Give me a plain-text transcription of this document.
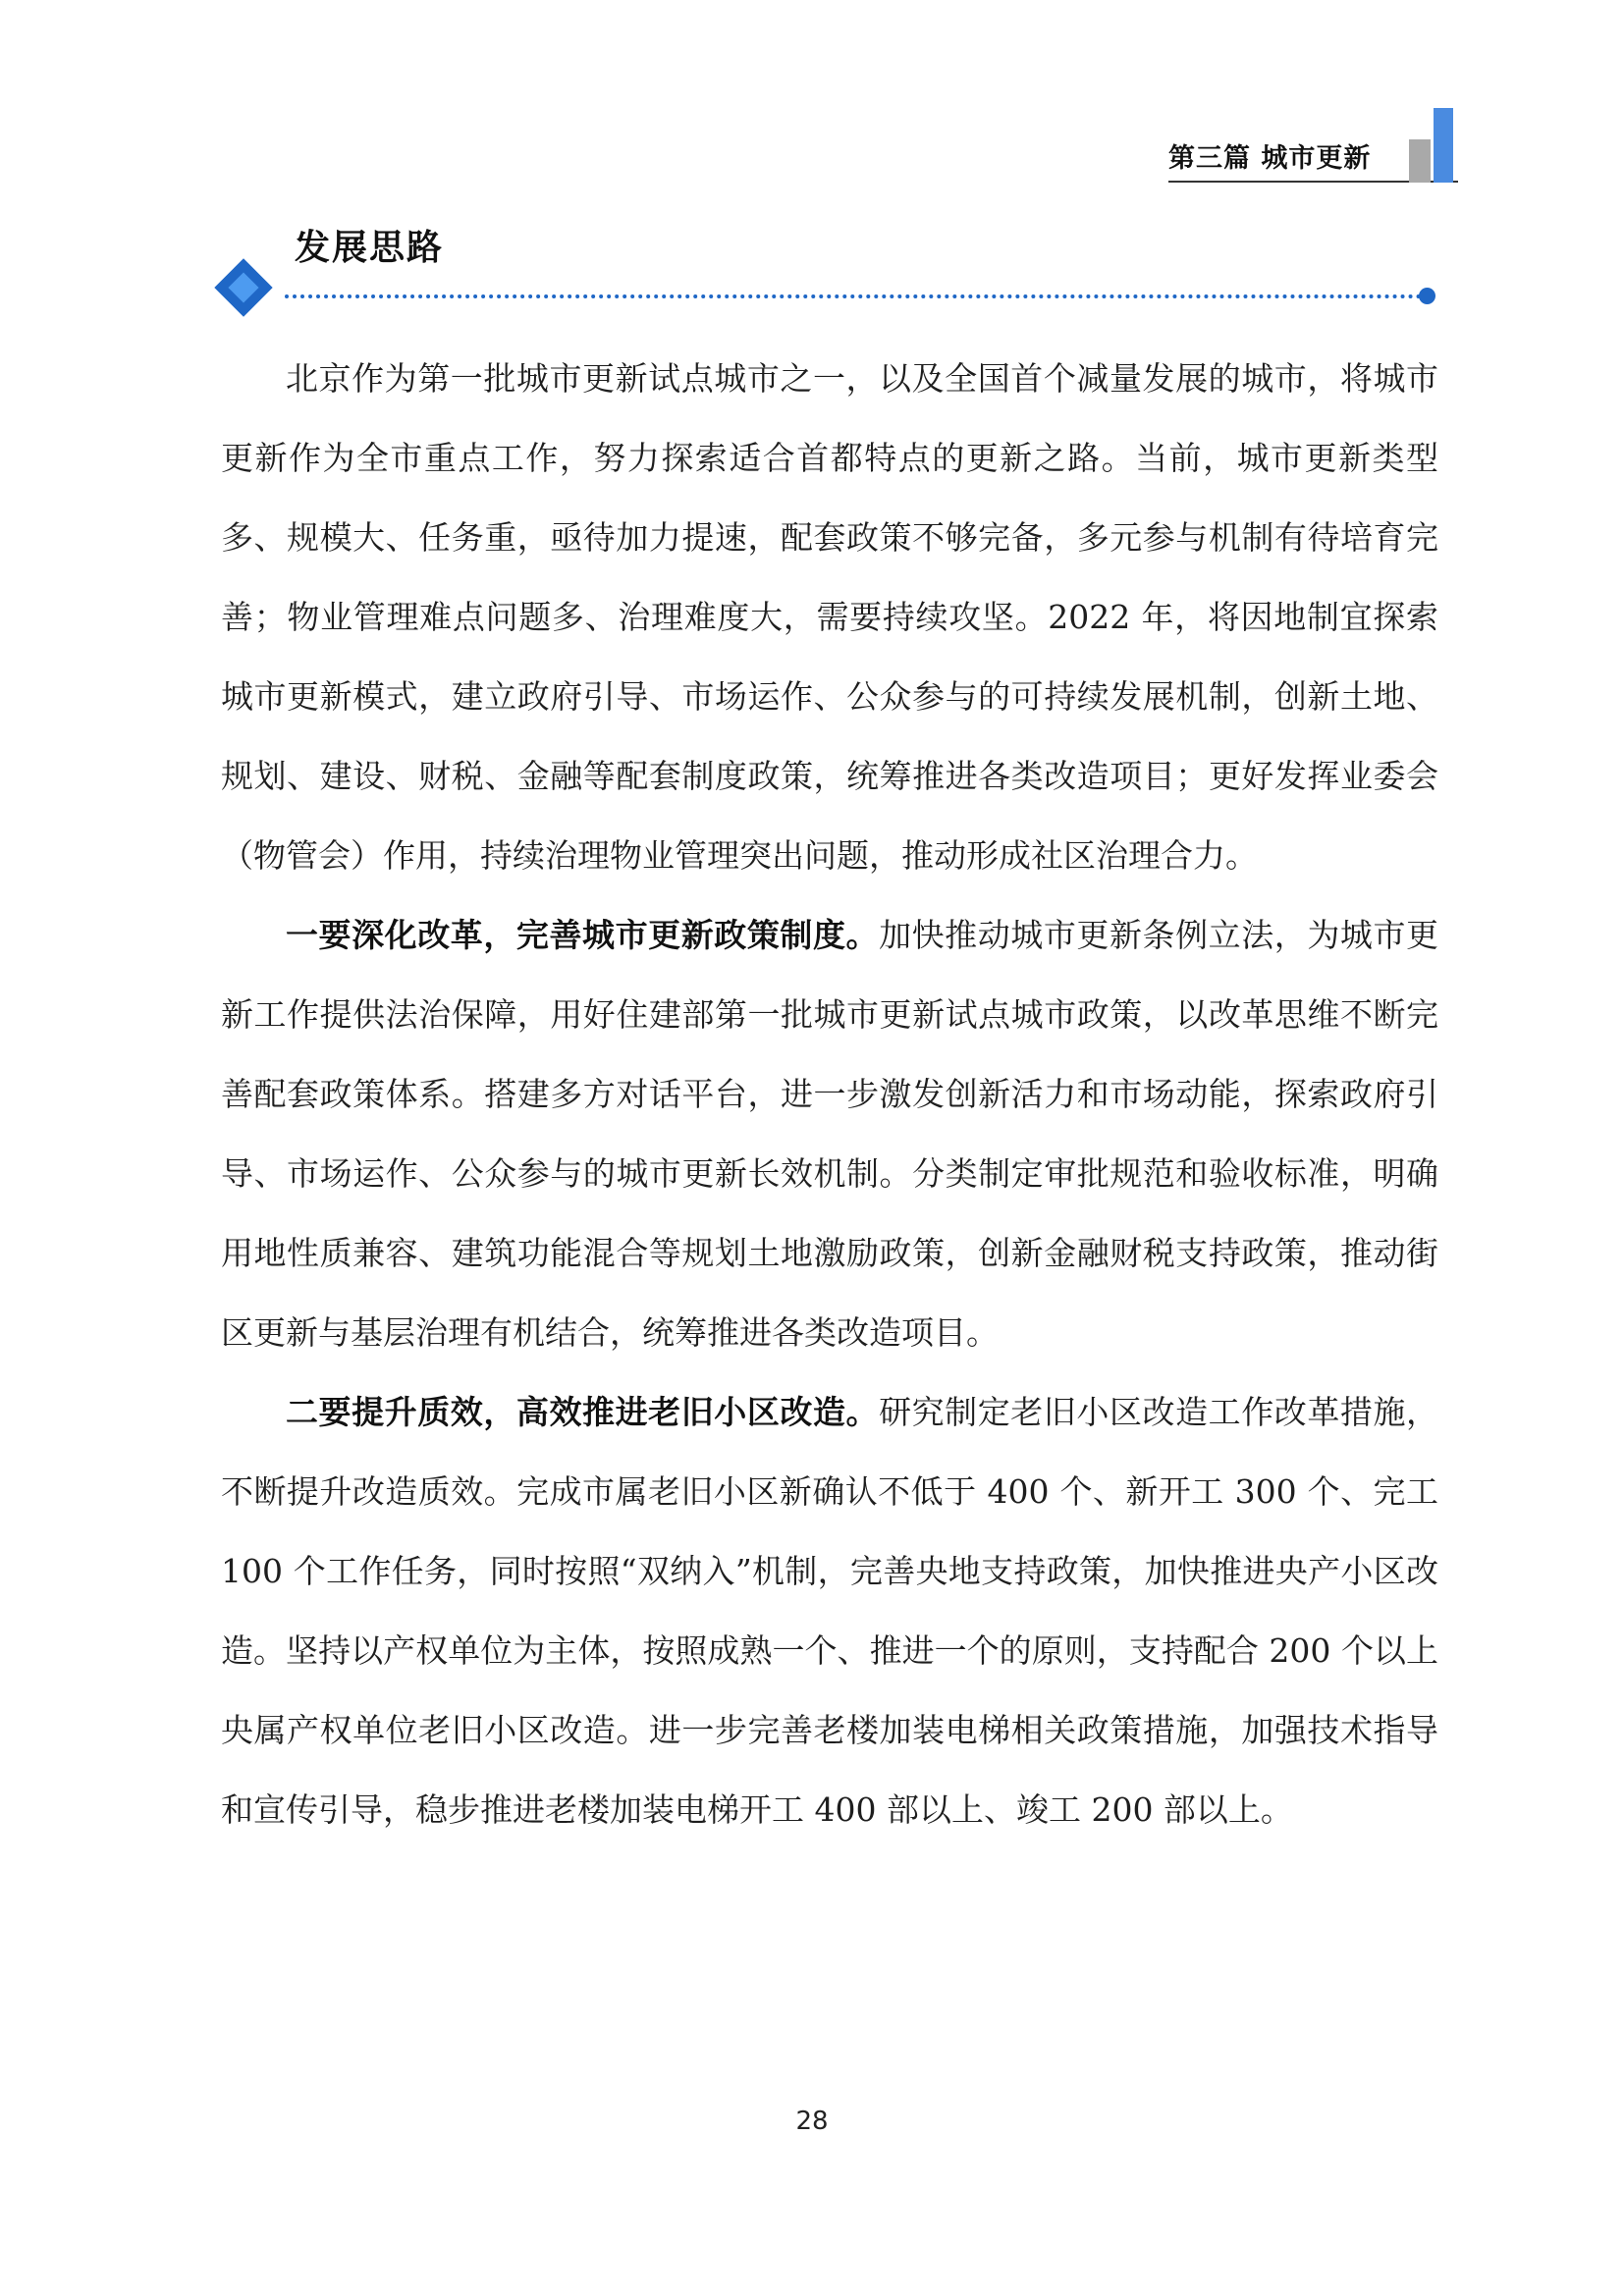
第三篇 城市更新
发展思路

北京作为第一批城市更新试点城市之一，以及全国首个减量发展的城市，将城市更新作为全市重点工作，努力探索适合首都特点的更新之路。当前，城市更新类型多、规模大、任务重，亟待加力提速，配套政策不够完备，多元参与机制有待培育完善；物业管理难点问题多、治理难度大，需要持续攻坚。2022 年，将因地制宜探索城市更新模式，建立政府引导、市场运作、公众参与的可持续发展机制，创新土地、规划、建设、财税、金融等配套制度政策，统筹推进各类改造项目；更好发挥业委会（物管会）作用，持续治理物业管理突出问题，推动形成社区治理合力。

一要深化改革，完善城市更新政策制度。加快推动城市更新条例立法，为城市更新工作提供法治保障，用好住建部第一批城市更新试点城市政策，以改革思维不断完善配套政策体系。搭建多方对话平台，进一步激发创新活力和市场动能，探索政府引导、市场运作、公众参与的城市更新长效机制。分类制定审批规范和验收标准，明确用地性质兼容、建筑功能混合等规划土地激励政策，创新金融财税支持政策，推动街区更新与基层治理有机结合，统筹推进各类改造项目。

二要提升质效，高效推进老旧小区改造。研究制定老旧小区改造工作改革措施，不断提升改造质效。完成市属老旧小区新确认不低于 400 个、新开工 300 个、完工 100 个工作任务，同时按照“双纳入”机制，完善央地支持政策，加快推进央产小区改造。坚持以产权单位为主体，按照成熟一个、推进一个的原则，支持配合 200 个以上央属产权单位老旧小区改造。进一步完善老楼加装电梯相关政策措施，加强技术指导和宣传引导，稳步推进老楼加装电梯开工 400 部以上、竣工 200 部以上。

28
